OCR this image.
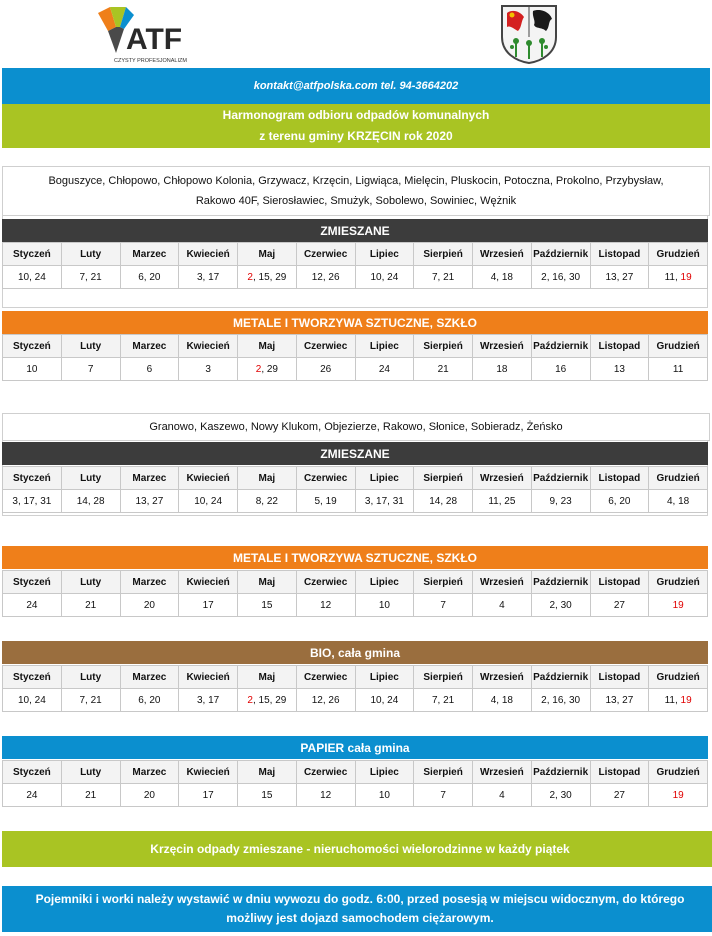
ATF
CZYSTY PROFESJONALIZM
kontakt@atfpolska.com tel. 94-3664202
Harmonogram odbioru odpadów komunalnych
z terenu gminy KRZĘCIN rok 2020
Boguszyce, Chłopowo, Chłopowo Kolonia, Grzywacz, Krzęcin, Ligwiąca, Mielęcin, Pluskocin, Potoczna, Prokolno, Przybysław,
Rakowo 40F, Sierosławiec, Smużyk, Sobolewo, Sowiniec, Wężnik
ZMIESZANE
Styczeń	Luty	Marzec	Kwiecień	Maj	Czerwiec	Lipiec	Sierpień	Wrzesień	Październik	Listopad	Grudzień
10, 24	7, 21	6, 20	3, 17	2, 15, 29	12, 26	10, 24	7, 21	4, 18	2, 16, 30	13, 27	11, 19
METALE I TWORZYWA SZTUCZNE, SZKŁO
Styczeń	Luty	Marzec	Kwiecień	Maj	Czerwiec	Lipiec	Sierpień	Wrzesień	Październik	Listopad	Grudzień
10	7	6	3	2, 29	26	24	21	18	16	13	11
Granowo, Kaszewo, Nowy Klukom, Objezierze, Rakowo, Słonice, Sobieradz, Żeńsko
ZMIESZANE
Styczeń	Luty	Marzec	Kwiecień	Maj	Czerwiec	Lipiec	Sierpień	Wrzesień	Październik	Listopad	Grudzień
3, 17, 31	14, 28	13, 27	10, 24	8, 22	5, 19	3, 17, 31	14, 28	11, 25	9, 23	6, 20	4, 18
METALE I TWORZYWA SZTUCZNE, SZKŁO
Styczeń	Luty	Marzec	Kwiecień	Maj	Czerwiec	Lipiec	Sierpień	Wrzesień	Październik	Listopad	Grudzień
24	21	20	17	15	12	10	7	4	2, 30	27	19
BIO, cała gmina
Styczeń	Luty	Marzec	Kwiecień	Maj	Czerwiec	Lipiec	Sierpień	Wrzesień	Październik	Listopad	Grudzień
10, 24	7, 21	6, 20	3, 17	2, 15, 29	12, 26	10, 24	7, 21	4, 18	2, 16, 30	13, 27	11, 19
PAPIER cała gmina
Styczeń	Luty	Marzec	Kwiecień	Maj	Czerwiec	Lipiec	Sierpień	Wrzesień	Październik	Listopad	Grudzień
24	21	20	17	15	12	10	7	4	2, 30	27	19
Krzęcin odpady zmieszane - nieruchomości wielorodzinne w każdy piątek
Pojemniki i worki należy wystawić w dniu wywozu do godz. 6:00, przed posesją w miejscu widocznym, do którego
możliwy jest dojazd samochodem ciężarowym.
